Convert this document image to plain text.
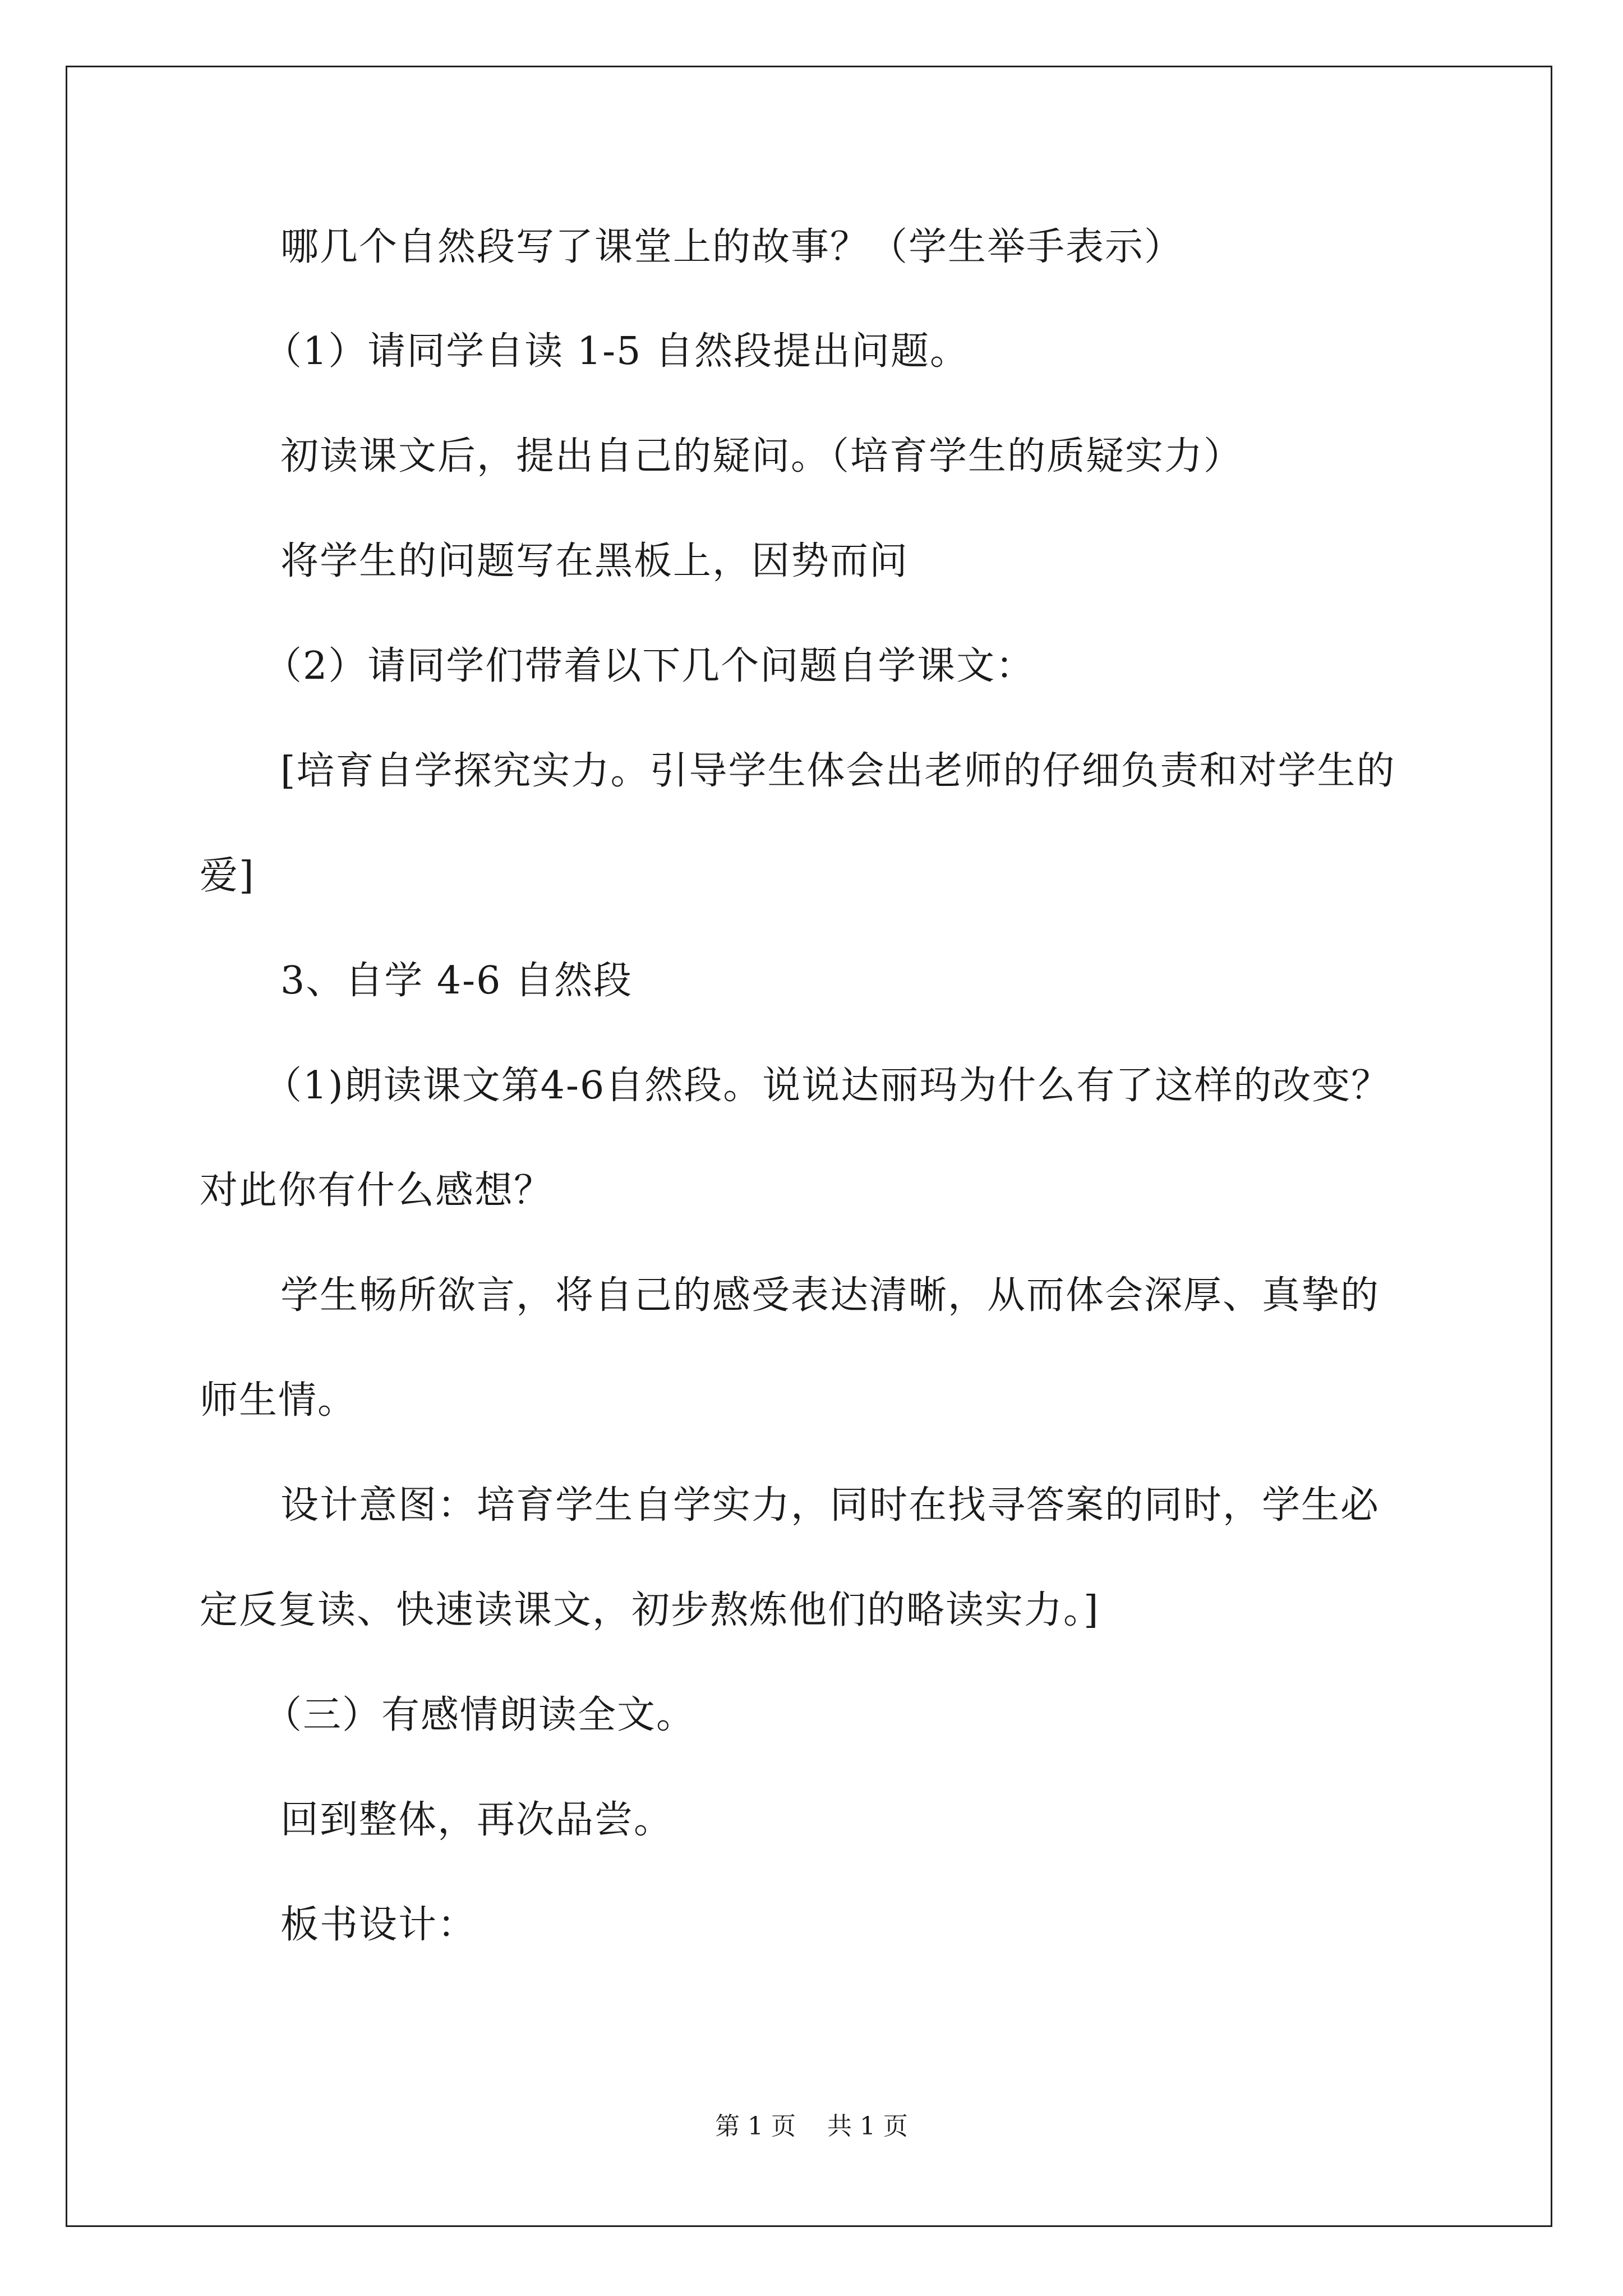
哪几个自然段写了课堂上的故事？（学生举手表示）
（1）请同学自读 1-5 自然段提出问题。
初读课文后，提出自己的疑问。（培育学生的质疑实力）
将学生的问题写在黑板上，因势而问
（2）请同学们带着以下几个问题自学课文：
[培育自学探究实力。引导学生体会出老师的仔细负责和对学生的
爱]
3、自学 4-6 自然段
（1)朗读课文第4-6自然段。说说达丽玛为什么有了这样的改变？
对此你有什么感想？
学生畅所欲言，将自己的感受表达清晰，从而体会深厚、真挚的
师生情。
设计意图：培育学生自学实力，同时在找寻答案的同时，学生必
定反复读、快速读课文，初步熬炼他们的略读实力。]
（三）有感情朗读全文。
回到整体，再次品尝。
板书设计：
第 1 页    共 1 页
